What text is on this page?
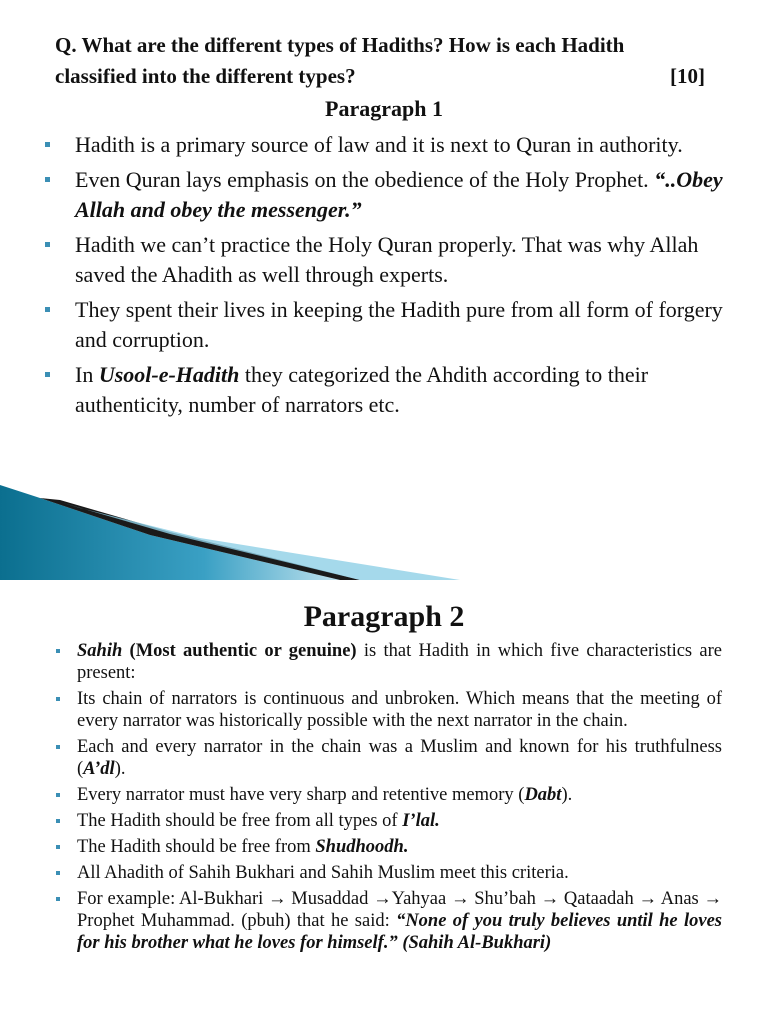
Q. What are the different types of Hadiths? How is each Hadith
classified into the different types?	[10]
Paragraph 1
Hadith is a primary source of law and it is next to Quran in authority.
Even Quran lays emphasis on the obedience of the Holy Prophet. “..Obey Allah and obey the messenger.”
Hadith we can’t practice the Holy Quran properly. That was why Allah saved the Ahadith as well through experts.
They spent their lives in keeping the Hadith pure from all form of forgery and corruption.
In Usool-e-Hadith they categorized the Ahdith according to their authenticity, number of narrators etc.
Paragraph 2
Sahih (Most authentic or genuine) is that Hadith in which five characteristics are present:
Its chain of narrators is continuous and unbroken. Which means that the meeting of every narrator was historically possible with the next narrator in the chain.
Each and every narrator in the chain was a Muslim and known for his truthfulness (A’dl).
Every narrator must have very sharp and retentive memory (Dabt).
The Hadith should be free from all types of I’lal.
The Hadith should be free from Shudhoodh.
All Ahadith of Sahih Bukhari and Sahih Muslim meet this criteria.
For example: Al-Bukhari → Musaddad →Yahyaa → Shu’bah → Qataadah → Anas → Prophet Muhammad. (pbuh) that he said: “None of you truly believes until he loves for his brother what he loves for himself.” (Sahih Al-Bukhari)
